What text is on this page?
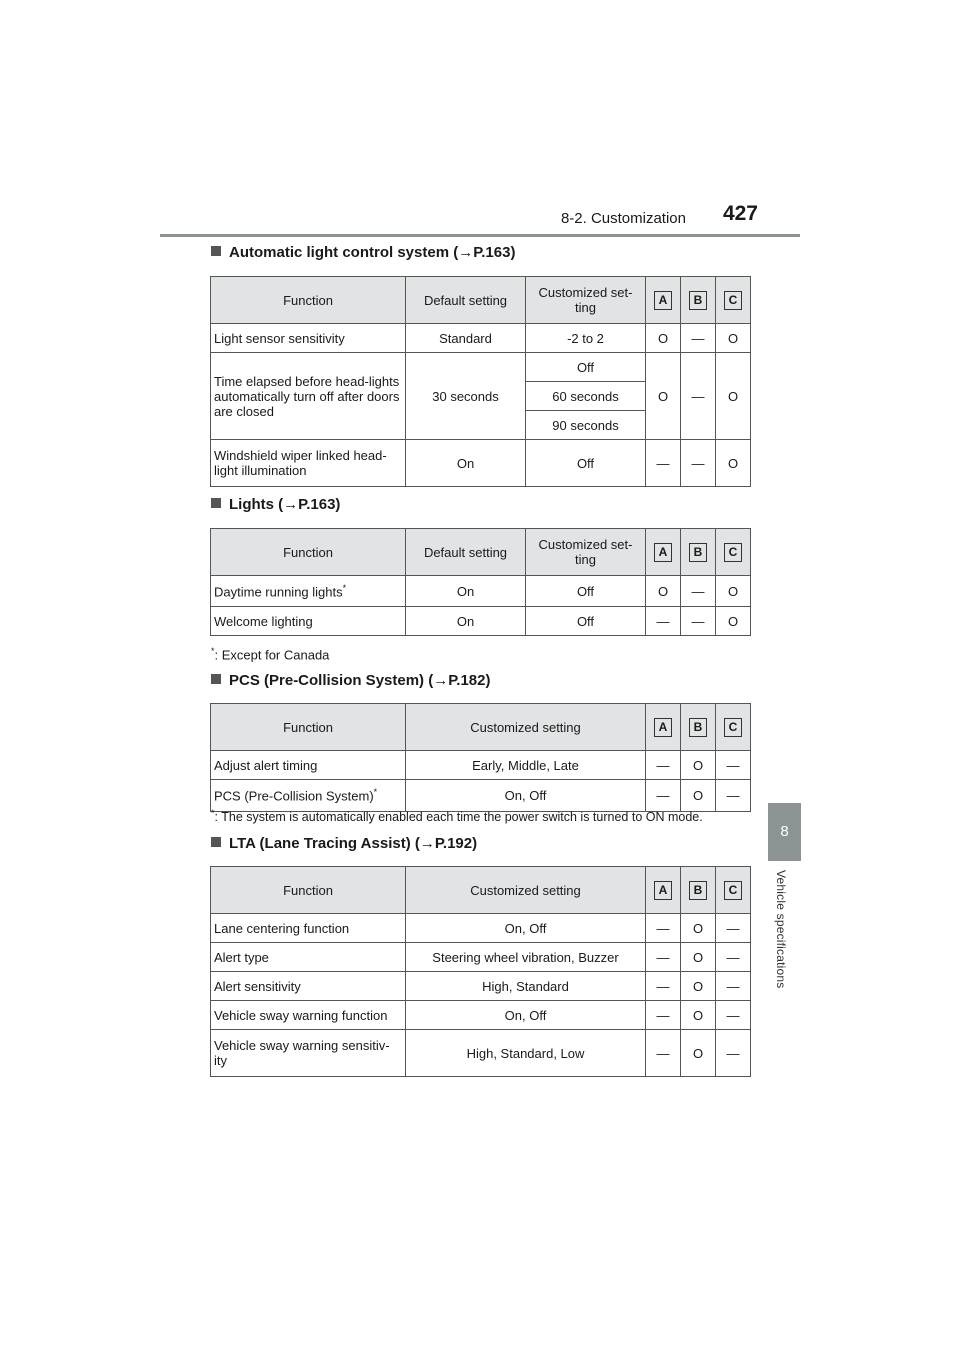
8-2. Customization 427
8
Vehicle specifications
Automatic light control system (→P.163)
Function	Default setting	Customized set-ting	A	B	C
Light sensor sensitivity	Standard	-2 to 2	O	—	O
Time elapsed before head-lights automatically turn off after doors are closed	30 seconds	Off	O	—	O
		60 seconds			
		90 seconds			
Windshield wiper linked head-light illumination	On	Off	—	—	O
Lights (→P.163)
Function	Default setting	Customized set-ting	A	B	C
Daytime running lights*	On	Off	O	—	O
Welcome lighting	On	Off	—	—	O
*: Except for Canada
PCS (Pre-Collision System) (→P.182)
Function	Customized setting	A	B	C
Adjust alert timing	Early, Middle, Late	—	O	—
PCS (Pre-Collision System)*	On, Off	—	O	—
*: The system is automatically enabled each time the power switch is turned to ON mode.
LTA (Lane Tracing Assist) (→P.192)
Function	Customized setting	A	B	C
Lane centering function	On, Off	—	O	—
Alert type	Steering wheel vibration, Buzzer	—	O	—
Alert sensitivity	High, Standard	—	O	—
Vehicle sway warning function	On, Off	—	O	—
Vehicle sway warning sensitiv-ity	High, Standard, Low	—	O	—
